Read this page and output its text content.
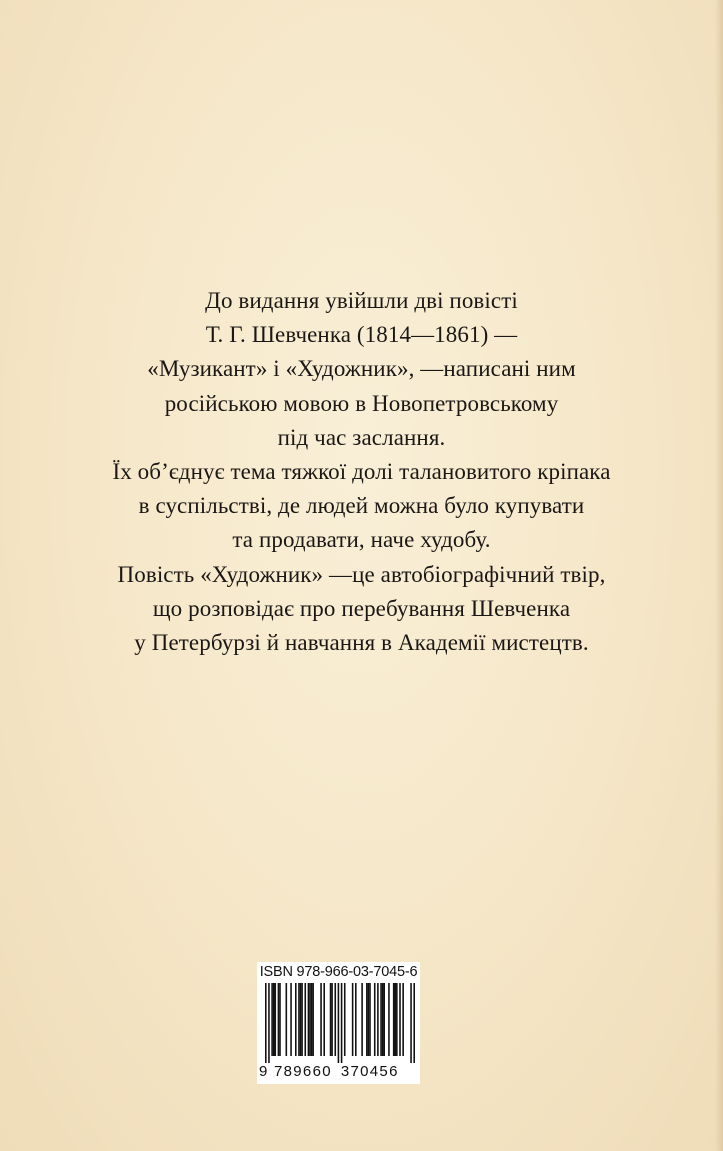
До видання увійшли дві повісті
Т. Г. Шевченка (1814—1861) —
«Музикант» і «Художник», —написані ним
російською мовою в Новопетровському
під час заслання.
Їх об’єднує тема тяжкої долі талановитого кріпака
в суспільстві, де людей можна було купувати
та продавати, наче худобу.
Повість «Художник» —це автобіографічний твір,
що розповідає про перебування Шевченка
у Петербурзі й навчання в Академії мистецтв.
ISBN 978-966-03-7045-6
9 789660 370456
